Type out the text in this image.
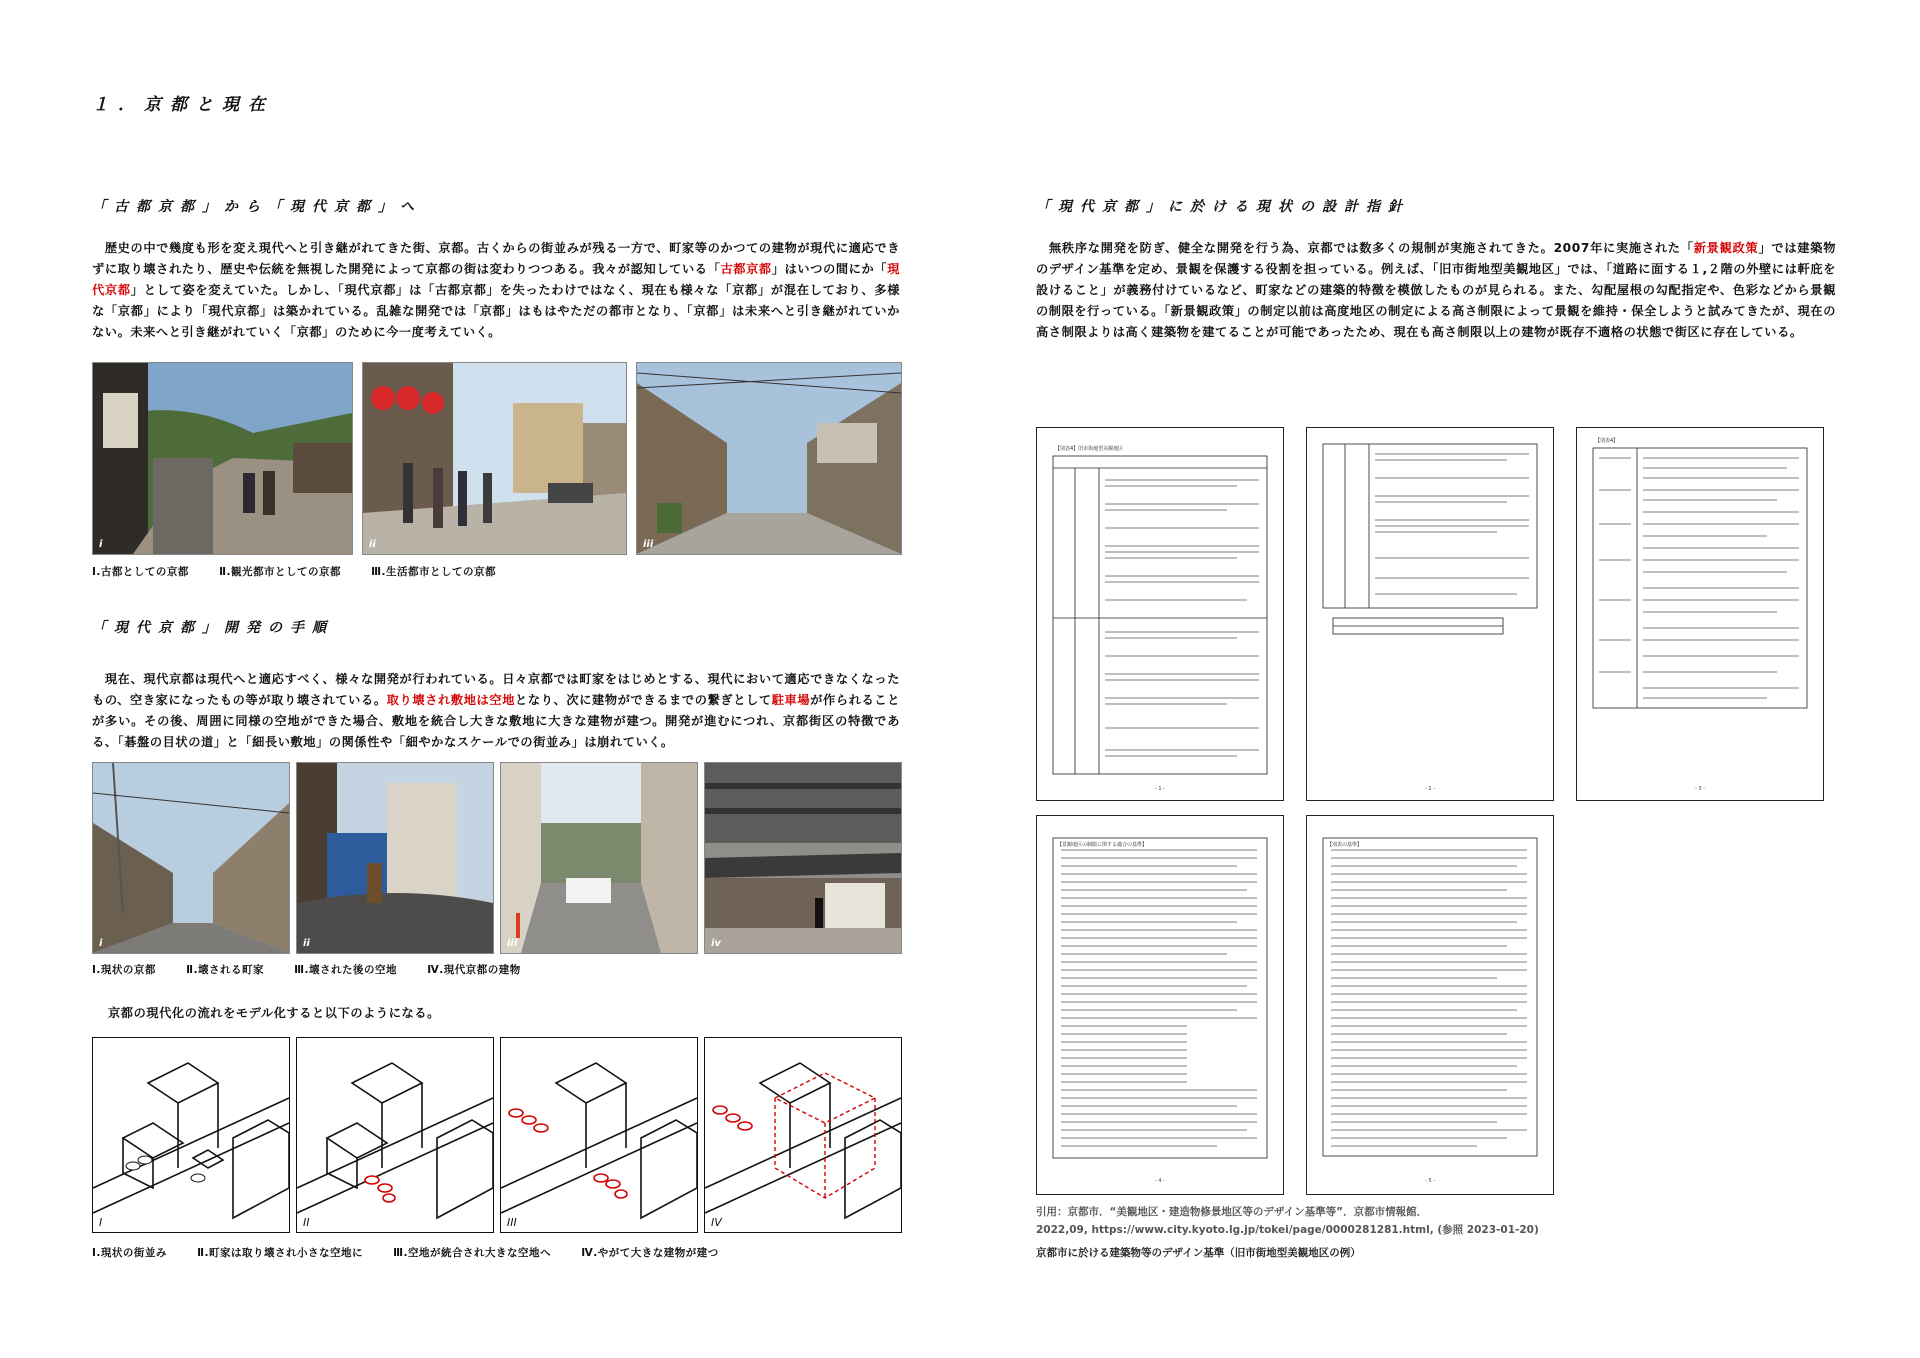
１．京都と現在
「古都京都」から「現代京都」へ
　歴史の中で幾度も形を変え現代へと引き継がれてきた街、京都。古くからの街並みが残る一方で、町家等のかつての建物が現代に適応できずに取り壊されたり、歴史や伝統を無視した開発によって京都の街は変わりつつある。我々が認知している「古都京都」はいつの間にか「現代京都」として姿を変えていた。しかし、「現代京都」は「古都京都」を失ったわけではなく、現在も様々な「京都」が混在しており、多様な「京都」により「現代京都」は築かれている。乱雑な開発では「京都」はもはやただの都市となり、「京都」は未来へと引き継がれていかない。未来へと引き継がれていく「京都」のために今一度考えていく。
i	ii	iii
Ⅰ.古都としての京都	Ⅱ.観光都市としての京都	Ⅲ.生活都市としての京都
「現代京都」開発の手順
　現在、現代京都は現代へと適応すべく、様々な開発が行われている。日々京都では町家をはじめとする、現代において適応できなくなったもの、空き家になったもの等が取り壊されている。取り壊され敷地は空地となり、次に建物ができるまでの繋ぎとして駐車場が作られることが多い。その後、周囲に同様の空地ができた場合、敷地を統合し大きな敷地に大きな建物が建つ。開発が進むにつれ、京都街区の特徴である、「碁盤の目状の道」と「細長い敷地」の関係性や「細やかなスケールでの街並み」は崩れていく。
i	ii	iii	iv
Ⅰ.現状の京都	Ⅱ.壊される町家	Ⅲ.壊された後の空地	Ⅳ.現代京都の建物
京都の現代化の流れをモデル化すると以下のようになる。
I	II	III	IV
Ⅰ.現状の街並み	Ⅱ.町家は取り壊され小さな空地に	Ⅲ.空地が統合され大きな空地へ	Ⅳ.やがて大きな建物が建つ
「現代京都」に於ける現状の設計指針
　無秩序な開発を防ぎ、健全な開発を行う為、京都では数多くの規制が実施されてきた。2007年に実施された「新景観政策」では建築物のデザイン基準を定め、景観を保護する役割を担っている。例えば、「旧市街地型美観地区」では、「道路に面する１,２階の外壁には軒庇を設けること」が義務付けているなど、町家などの建築的特徴を模倣したものが見られる。また、勾配屋根の勾配指定や、色彩などから景観の制限を行っている。「新景観政策」の制定以前は高度地区の制定による高さ制限によって景観を維持・保全しようと試みてきたが、現在の高さ制限よりは高く建築物を建てることが可能であったため、現在も高さ制限以上の建物が既存不適格の状態で街区に存在している。
【別表4】旧市街地型美観地区
- 1 -	- 2 -
【別表4】
- 3 -
【景観地区の制限に関する適合の基準】
- 4 -
【別表の基準】
- 5 -
引用：京都市．“美観地区・建造物修景地区等のデザイン基準等”．京都市情報館．
2022,09, https://www.city.kyoto.lg.jp/tokei/page/0000281281.html, (参照 2023-01-20)
京都市に於ける建築物等のデザイン基準（旧市街地型美観地区の例）
